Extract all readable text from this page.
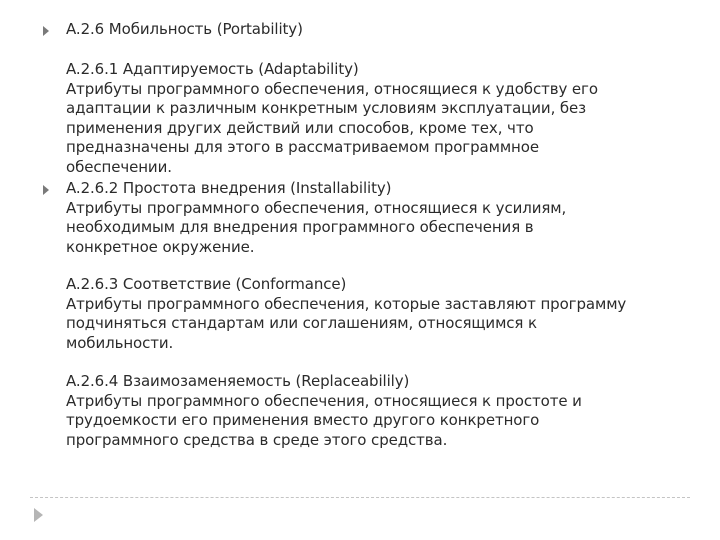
A.2.6 Мобильность (Portability)

A.2.6.1 Адаптируемость (Adaptability)

Атрибуты программного обеспечения, относящиеся к удобству его

адаптации к различным конкретным условиям эксплуатации, без

применения других действий или способов, кроме тех, что

предназначены для этого в рассматриваемом программное

обеспечении.

A.2.6.2 Простота внедрения (Installability)

Атрибуты программного обеспечения, относящиеся к усилиям,

необходимым для внедрения программного обеспечения в

конкретное окружение.

A.2.6.3 Соответствие (Conformance)

Атрибуты программного обеспечения, которые заставляют программу

подчиняться стандартам или соглашениям, относящимся к

мобильности.

A.2.6.4 Взаимозаменяемость (Replaceabilily)

Атрибуты программного обеспечения, относящиеся к простоте и

трудоемкости его применения вместо другого конкретного

программного средства в среде этого средства.
